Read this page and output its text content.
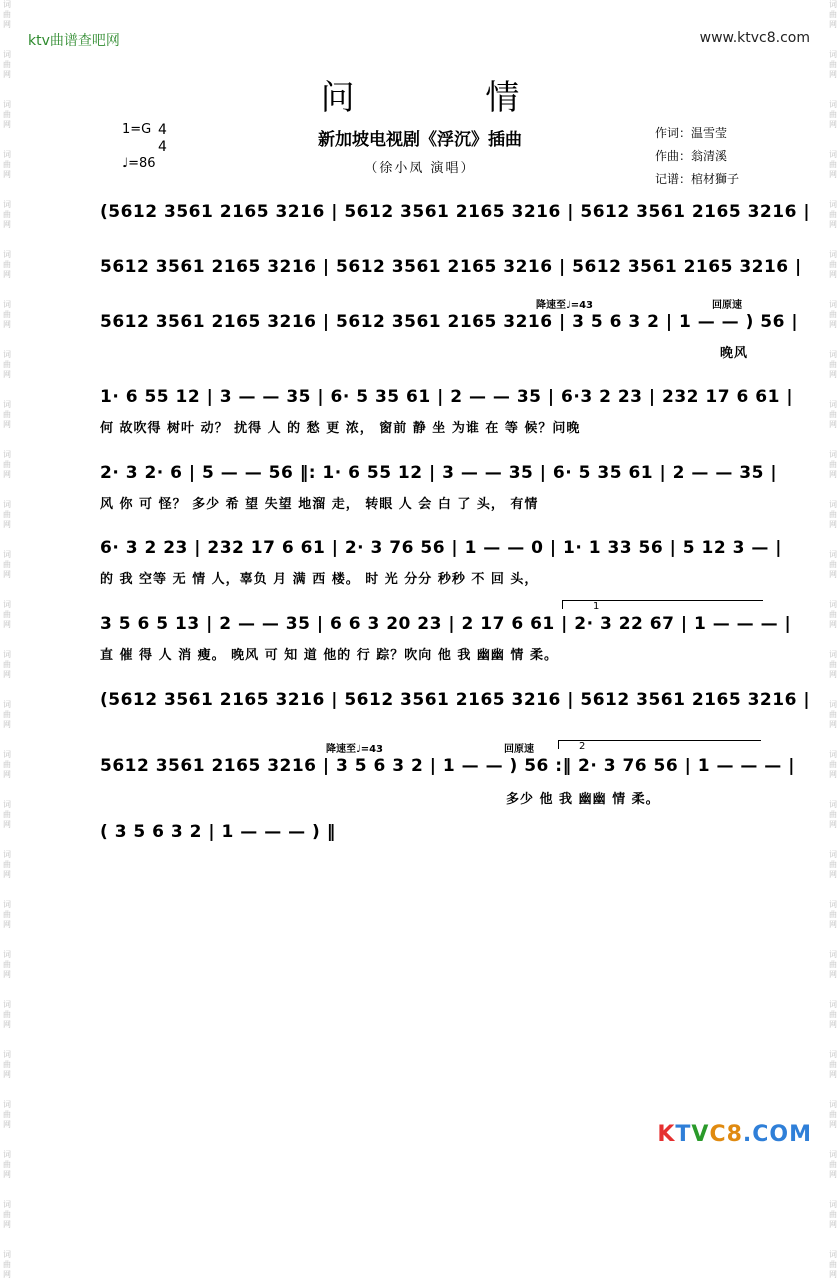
词曲网
词曲网
词曲网
词曲网
词曲网
词曲网
词曲网
词曲网
词曲网
词曲网
词曲网
词曲网
词曲网
词曲网
词曲网
词曲网
词曲网
词曲网
词曲网
词曲网
词曲网
词曲网
词曲网
词曲网
词曲网
词曲网
词曲网
词曲网
词曲网
词曲网
词曲网
词曲网
词曲网
词曲网
词曲网
词曲网
词曲网
词曲网
词曲网
词曲网
词曲网
词曲网
词曲网
词曲网
词曲网
词曲网
词曲网
词曲网
词曲网
词曲网
词曲网
词曲网
ktv曲谱查吧网	www.ktvc8.com
问 情
1=G 4
4
♩=86
新加坡电视剧《浮沉》插曲
（徐小凤 演唱）
作词：温雪莹
作曲：翁清溪
记谱：棺材獅子
(5612 3561 2165 3216 | 5612 3561 2165 3216 | 5612 3561 2165 3216 |
5612 3561 2165 3216 | 5612 3561 2165 3216 | 5612 3561 2165 3216 |
降速至♩=43	回原速
5612 3561 2165 3216 | 5612 3561 2165 3216 | 3 5 6 3 2 | 1 — — ) 56 |
晚风
1· 6 55 12 | 3 — — 35 | 6· 5 35 61 | 2 — — 35 | 6·3 2 23 | 232 17 6 61 |
何 故吹得 树叶 动？ 扰得 人 的 愁 更 浓， 窗前 静 坐 为谁 在 等 候？问晚
2· 3 2· 6 | 5 — — 56 ‖: 1· 6 55 12 | 3 — — 35 | 6· 5 35 61 | 2 — — 35 |
风 你 可 怪？ 多少 希 望 失望 地溜 走， 转眼 人 会 白 了 头， 有情
6· 3 2 23 | 232 17 6 61 | 2· 3 76 56 | 1 — — 0 | 1· 1 33 56 | 5 12 3 — |
的 我 空等 无 情 人，辜负 月 满 西 楼。 时 光 分分 秒秒 不 回 头，
1
3 5 6 5 13 | 2 — — 35 | 6 6 3 20 23 | 2 17 6 61 | 2· 3 22 67 | 1 — — — |
直 催 得 人 消 瘦。 晚风 可 知 道 他的 行 踪？吹向 他 我 幽幽 情 柔。
(5612 3561 2165 3216 | 5612 3561 2165 3216 | 5612 3561 2165 3216 |
降速至♩=43	回原速	2
5612 3561 2165 3216 | 3 5 6 3 2 | 1 — — ) 56 :‖ 2· 3 76 56 | 1 — — — |
多少 他 我 幽幽 情 柔。
( 3 5 6 3 2 | 1 — — — ) ‖
KTVC8.COM
